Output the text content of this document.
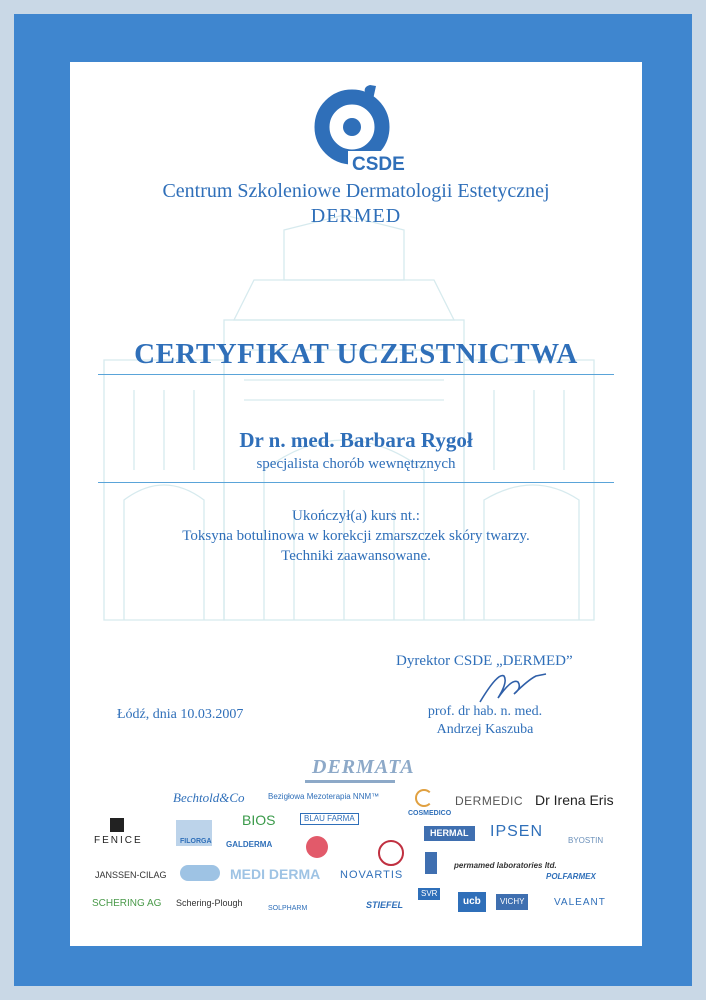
CSDE
Centrum Szkoleniowe Dermatologii Estetycznej
DERMED
CERTYFIKAT UCZESTNICTWA
Dr n. med. Barbara Rygoł
specjalista chorób wewnętrznych
Ukończył(a) kurs nt.:
Toksyna botulinowa w korekcji zmarszczek skóry twarzy.
Techniki zaawansowane.
Dyrektor CSDE „DERMED”
Łódź, dnia 10.03.2007	prof. dr hab. n. med.
Andrzej Kaszuba
DERMATA
Bechtold&Co	Bezigłowa Mezoterapia NNM™
COSMEDICO
DERMEDIC Dr Irena Eris
FENICE	FILORGA
BIOS	BLAU FARMA
HERMAL	IPSEN
BYOSTIN
GALDERMA
permamed laboratories ltd.
JANSSEN-CILAG	MEDI DERMA NOVARTIS	POLFARMEX
SCHERING AG Schering-Plough
SOLPHARM	STIEFEL
SVR
ucb	VICHY	VALEANT
